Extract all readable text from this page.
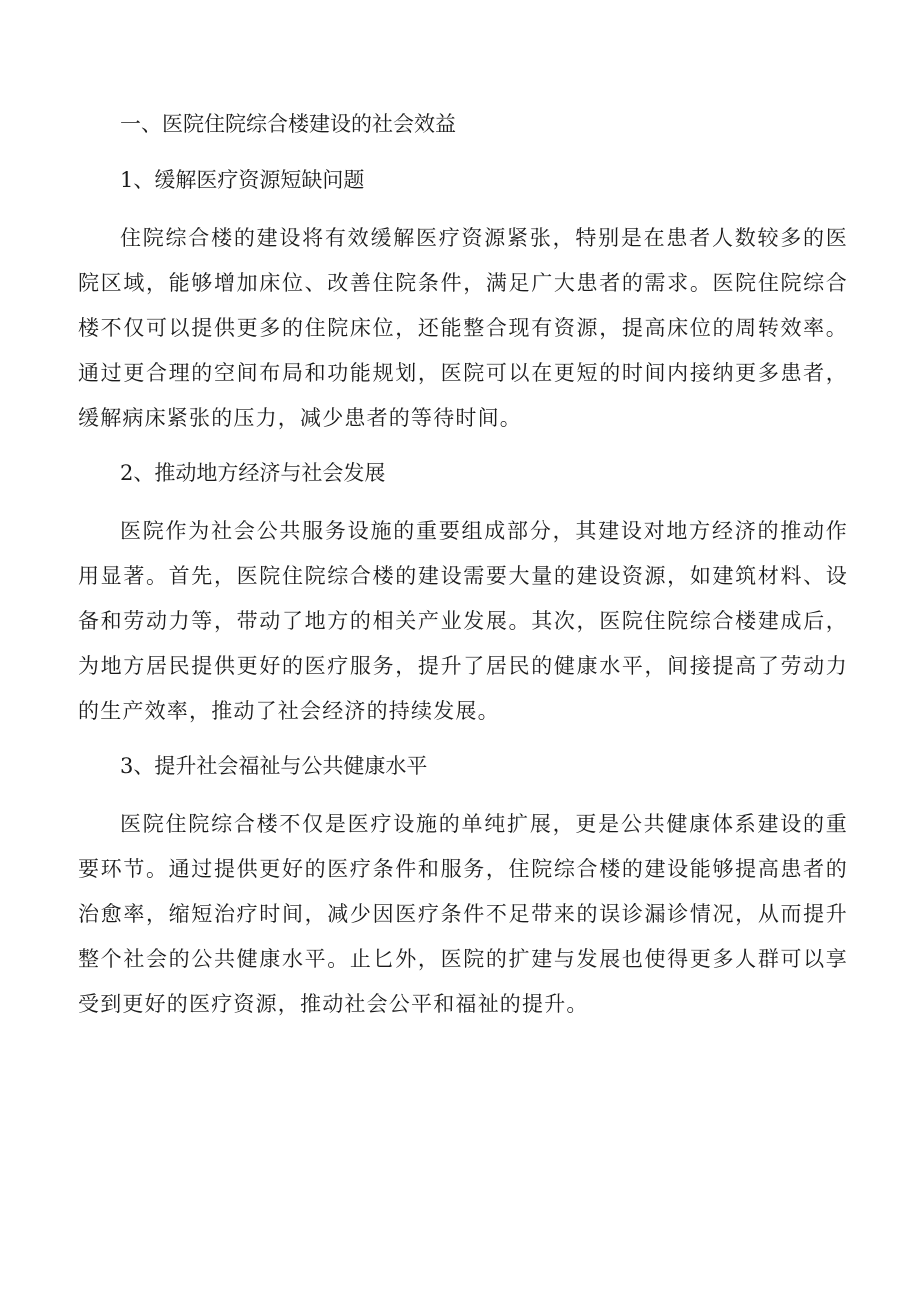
一、医院住院综合楼建设的社会效益
1、缓解医疗资源短缺问题

住院综合楼的建设将有效缓解医疗资源紧张，特别是在患者人数较多的医院区域，能够增加床位、改善住院条件，满足广大患者的需求。医院住院综合楼不仅可以提供更多的住院床位，还能整合现有资源，提高床位的周转效率。通过更合理的空间布局和功能规划，医院可以在更短的时间内接纳更多患者，缓解病床紧张的压力，减少患者的等待时间。

2、推动地方经济与社会发展

医院作为社会公共服务设施的重要组成部分，其建设对地方经济的推动作用显著。首先，医院住院综合楼的建设需要大量的建设资源，如建筑材料、设备和劳动力等，带动了地方的相关产业发展。其次，医院住院综合楼建成后，为地方居民提供更好的医疗服务，提升了居民的健康水平，间接提高了劳动力的生产效率，推动了社会经济的持续发展。

3、提升社会福祉与公共健康水平

医院住院综合楼不仅是医疗设施的单纯扩展，更是公共健康体系建设的重要环节。通过提供更好的医疗条件和服务，住院综合楼的建设能够提高患者的治愈率，缩短治疗时间，减少因医疗条件不足带来的误诊漏诊情况，从而提升整个社会的公共健康水平。止匕外，医院的扩建与发展也使得更多人群可以享受到更好的医疗资源，推动社会公平和福祉的提升。
